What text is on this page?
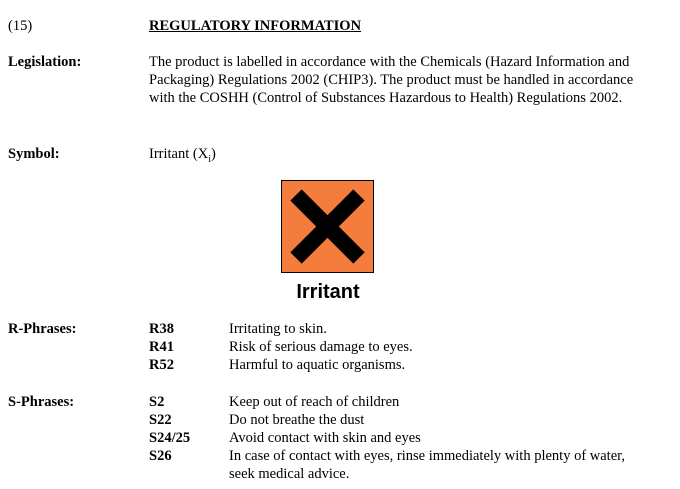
(15)	REGULATORY INFORMATION
Legislation:	The product is labelled in accordance with the Chemicals (Hazard Information and Packaging) Regulations 2002 (CHIP3). The product must be handled in accordance with the COSHH (Control of Substances Hazardous to Health) Regulations 2002.
Symbol:	Irritant $(X_i)$
Irritant
R-Phrases:	R38	Irritating to skin.
R41	Risk of serious damage to eyes.
R52	Harmful to aquatic organisms.
S-Phrases:	S2	Keep out of reach of children
S22	Do not breathe the dust
S24/25	Avoid contact with skin and eyes
S26	In case of contact with eyes, rinse immediately with plenty of water, seek medical advice.
